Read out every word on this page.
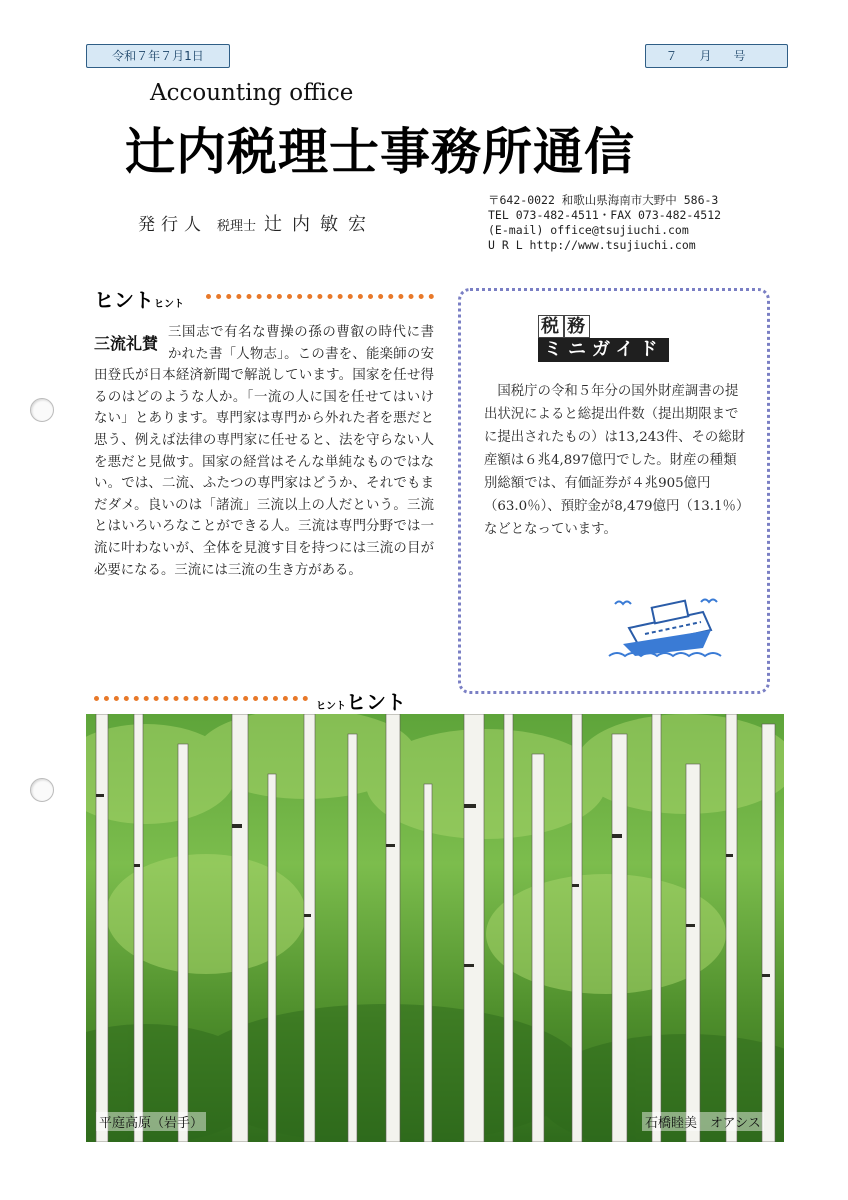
令和７年７月1日	７月号
Accounting office
辻内税理士事務所通信
発行人 税理士 辻内敏宏
〒642-0022 和歌山県海南市大野中 586-3
TEL 073-482-4511・FAX 073-482-4512
(E-mail) office@tsujiuchi.com
U R L http://www.tsujiuchi.com
ヒントヒント
三流礼賛
三国志で有名な曹操の孫の曹叡の時代に書かれた書「人物志」。この書を、能楽師の安田登氏が日本経済新聞で解説しています。国家を任せ得るのはどのような人か。「一流の人に国を任せてはいけない」とあります。専門家は専門から外れた者を悪だと思う、例えば法律の専門家に任せると、法を守らない人を悪だと見做す。国家の経営はそんな単純なものではない。では、二流、ふたつの専門家はどうか、それでもまだダメ。良いのは「諸流」三流以上の人だという。三流とはいろいろなことができる人。三流は専門分野では一流に叶わないが、全体を見渡す目を持つには三流の目が必要になる。三流には三流の生き方がある。
ヒントヒント
税 務
ミニガイド
国税庁の令和５年分の国外財産調書の提出状況によると総提出件数（提出期限までに提出されたもの）は13,243件、その総財産額は６兆4,897億円でした。財産の種類別総額では、有価証券が４兆905億円（63.0％）、預貯金が8,479億円（13.1％）などとなっています。
平庭高原（岩手）	石橋睦美　オアシス
